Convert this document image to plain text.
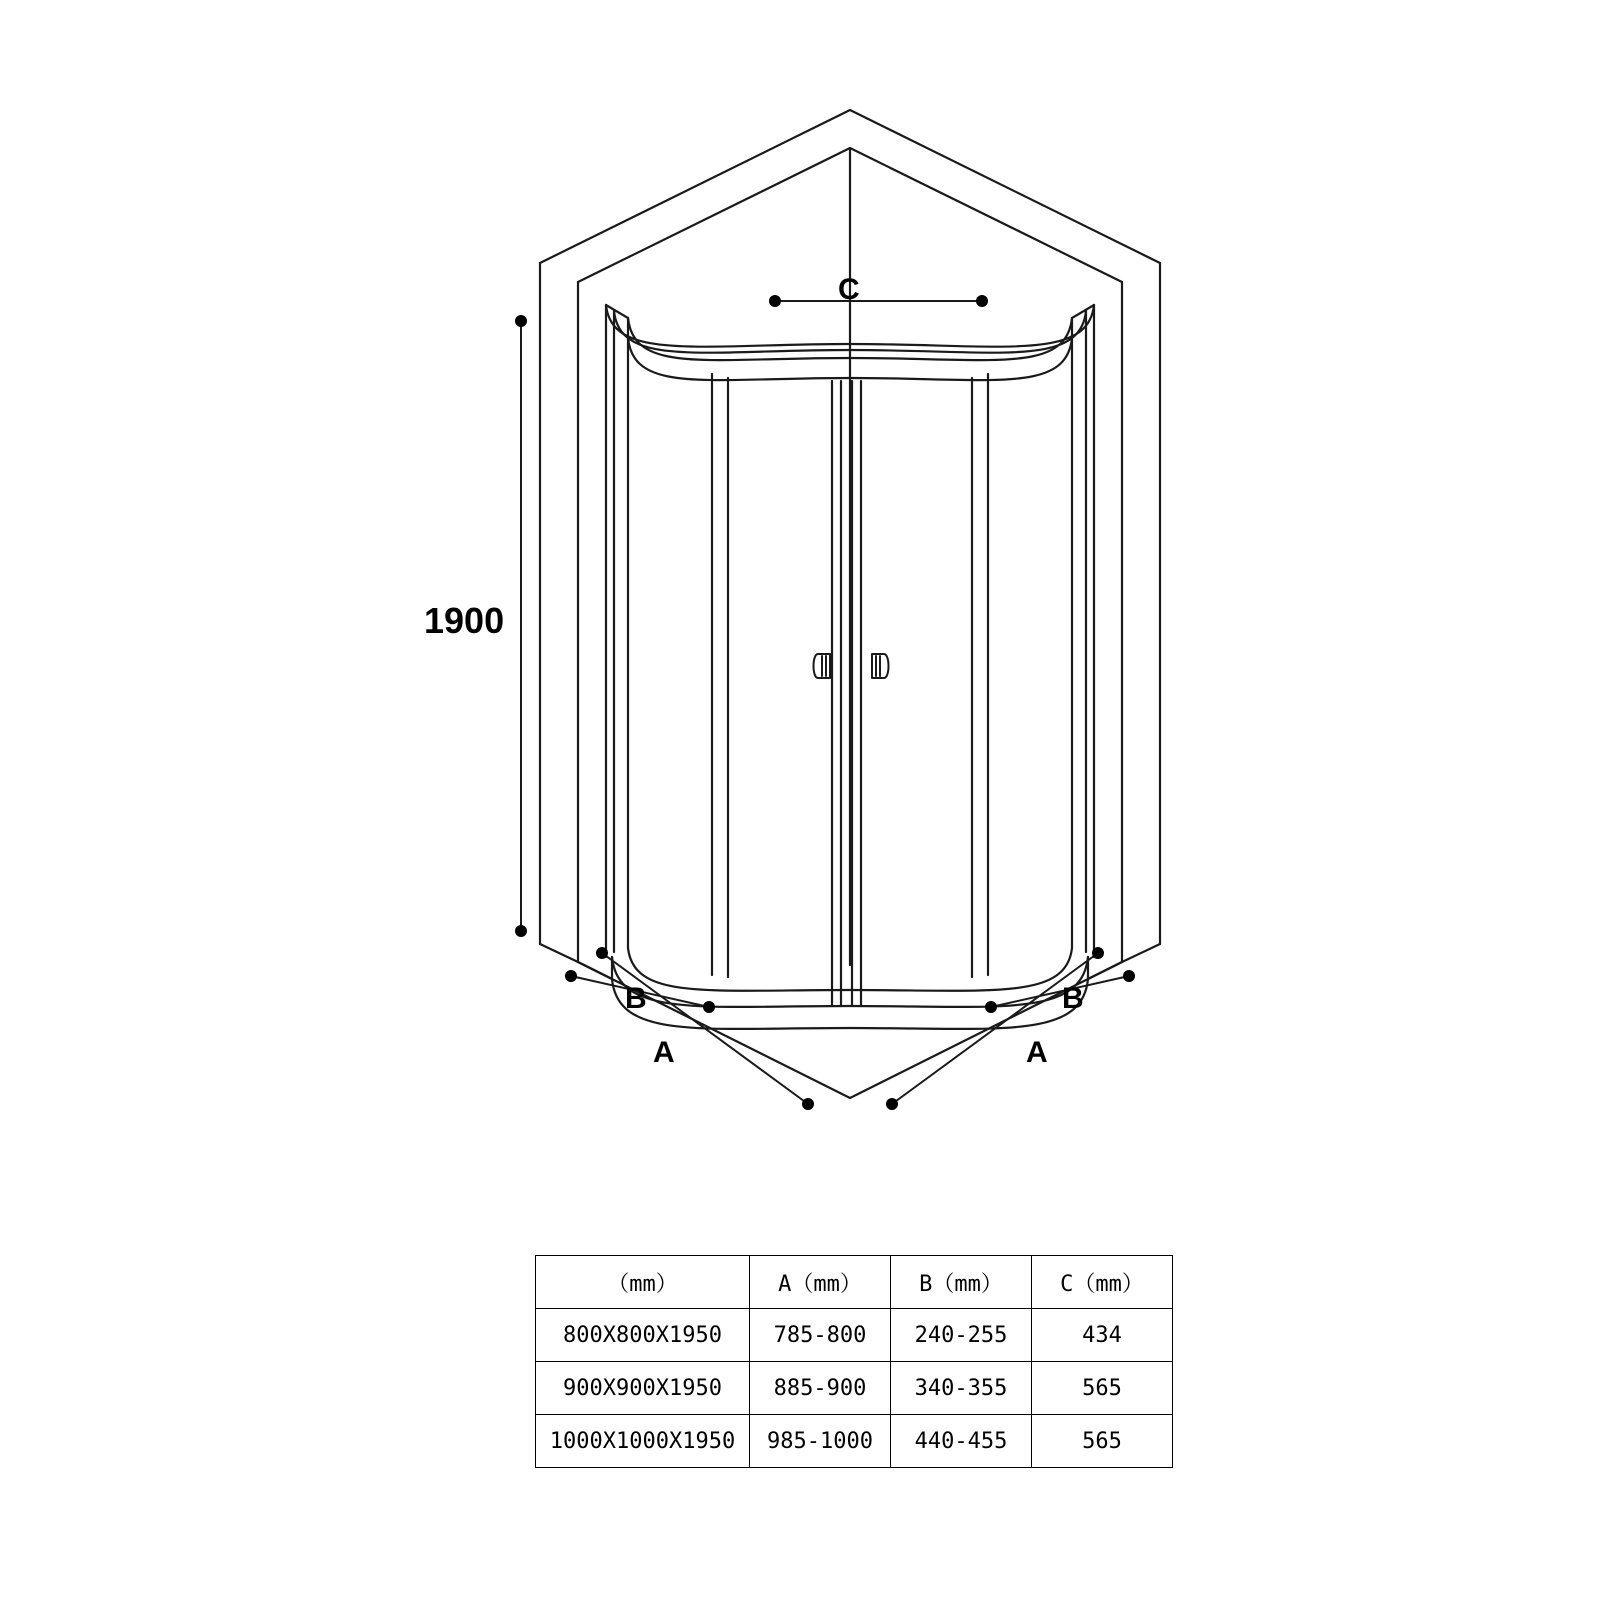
1900
C
B	B
A	A
（mm）	A（mm）	B（mm）	C（mm）
800X800X1950	785-800	240-255	434
900X900X1950	885-900	340-355	565
1000X1000X1950	985-1000	440-455	565
